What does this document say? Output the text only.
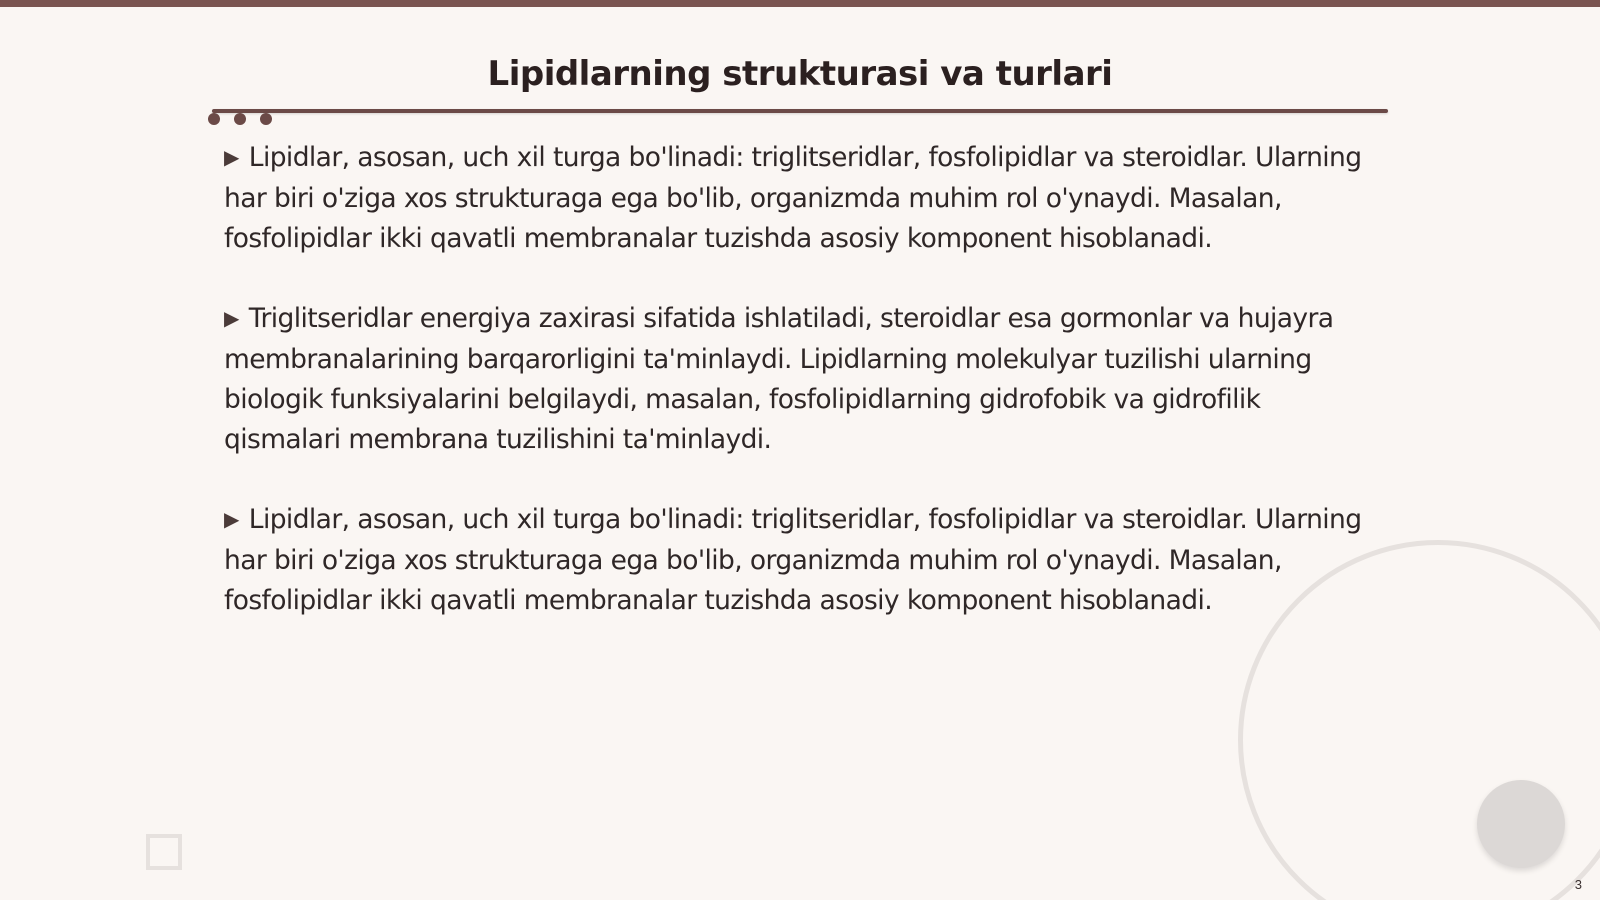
Lipidlarning strukturasi va turlari

▶ Lipidlar, asosan, uch xil turga bo'linadi: triglitseridlar, fosfolipidlar va steroidlar. Ularning har biri o'ziga xos strukturaga ega bo'lib, organizmda muhim rol o'ynaydi. Masalan, fosfolipidlar ikki qavatli membranalar tuzishda asosiy komponent hisoblanadi.

▶ Triglitseridlar energiya zaxirasi sifatida ishlatiladi, steroidlar esa gormonlar va hujayra membranalarining barqarorligini ta'minlaydi. Lipidlarning molekulyar tuzilishi ularning biologik funksiyalarini belgilaydi, masalan, fosfolipidlarning gidrofobik va gidrofilik qismalari membrana tuzilishini ta'minlaydi.

▶ Lipidlar, asosan, uch xil turga bo'linadi: triglitseridlar, fosfolipidlar va steroidlar. Ularning har biri o'ziga xos strukturaga ega bo'lib, organizmda muhim rol o'ynaydi. Masalan, fosfolipidlar ikki qavatli membranalar tuzishda asosiy komponent hisoblanadi.

3
